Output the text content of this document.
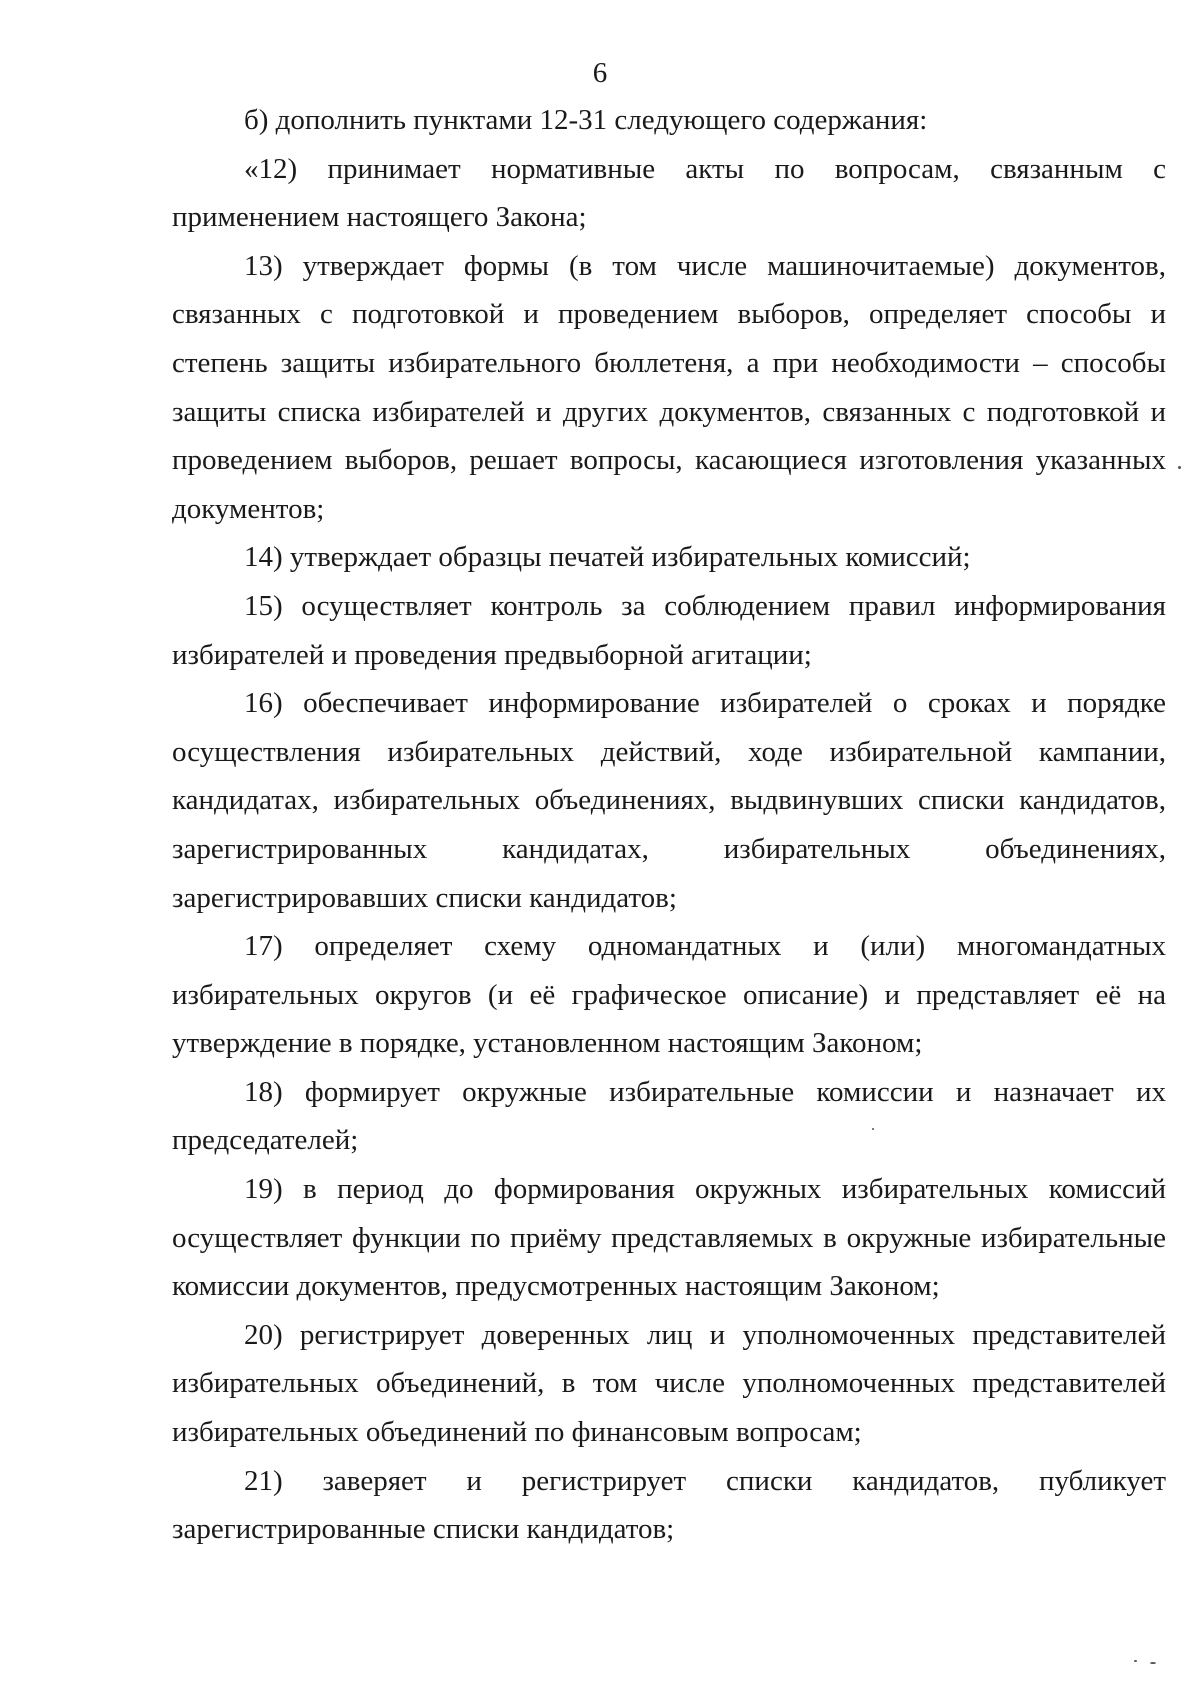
6

б) дополнить пунктами 12-31 следующего содержания:

«12) принимает нормативные акты по вопросам, связанным с применением настоящего Закона;

13) утверждает формы (в том числе машиночитаемые) документов, связанных с подготовкой и проведением выборов, определяет способы и степень защиты избирательного бюллетеня, а при необходимости – способы защиты списка избирателей и других документов, связанных с подготовкой и проведением выборов, решает вопросы, касающиеся изготовления указанных документов;

14) утверждает образцы печатей избирательных комиссий;

15) осуществляет контроль за соблюдением правил информирования избирателей и проведения предвыборной агитации;

16) обеспечивает информирование избирателей о сроках и порядке осуществления избирательных действий, ходе избирательной кампании, кандидатах, избирательных объединениях, выдвинувших списки кандидатов, зарегистрированных кандидатах, избирательных объединениях, зарегистрировавших списки кандидатов;

17) определяет схему одномандатных и (или) многомандатных избирательных округов (и её графическое описание) и представляет её на утверждение в порядке, установленном настоящим Законом;

18) формирует окружные избирательные комиссии и назначает их председателей;

19) в период до формирования окружных избирательных комиссий осуществляет функции по приёму представляемых в окружные избирательные комиссии документов, предусмотренных настоящим Законом;

20) регистрирует доверенных лиц и уполномоченных представителей избирательных объединений, в том числе уполномоченных представителей избирательных объединений по финансовым вопросам;

21) заверяет и регистрирует списки кандидатов, публикует зарегистрированные списки кандидатов;
